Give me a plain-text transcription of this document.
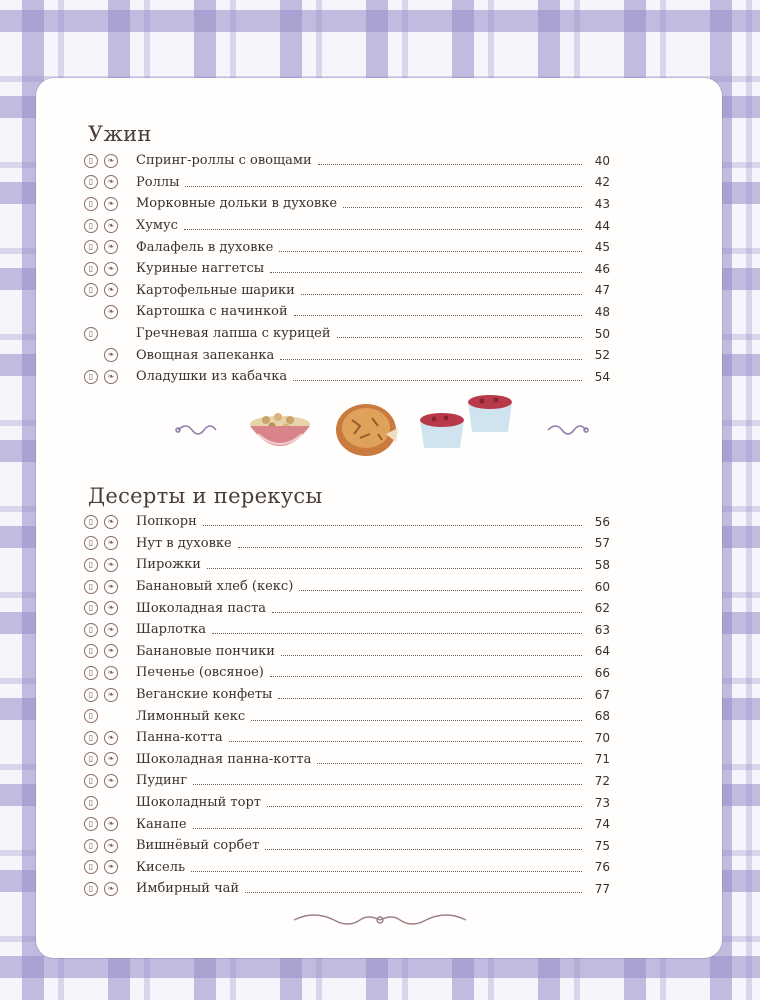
Ужин
▯	❧ Спринг-роллы с овощами	40
▯	❧ Роллы	42
▯	❧ Морковные дольки в духовке	43
▯	❧ Хумус	44
▯	❧ Фалафель в духовке	45
▯	❧ Куриные наггетсы	46
▯	❧ Картофельные шарики	47
❧ Картошка с начинкой	48
▯	Гречневая лапша с курицей	50
❧ Овощная запеканка	52
▯	❧ Оладушки из кабачка	54
Десерты и перекусы
▯	❧ Попкорн	56
▯	❧ Нут в духовке	57
▯	❧ Пирожки	58
▯	❧ Банановый хлеб (кекс)	60
▯	❧ Шоколадная паста	62
▯	❧ Шарлотка	63
▯	❧ Банановые пончики	64
▯	❧ Печенье (овсяное)	66
▯	❧ Веганские конфеты	67
▯	Лимонный кекс	68
▯	❧ Панна-котта	70
▯	❧ Шоколадная панна-котта	71
▯	❧ Пудинг	72
▯	Шоколадный торт	73
▯	❧ Канапе	74
▯	❧ Вишнёвый сорбет	75
▯	❧ Кисель	76
▯	❧ Имбирный чай	77
